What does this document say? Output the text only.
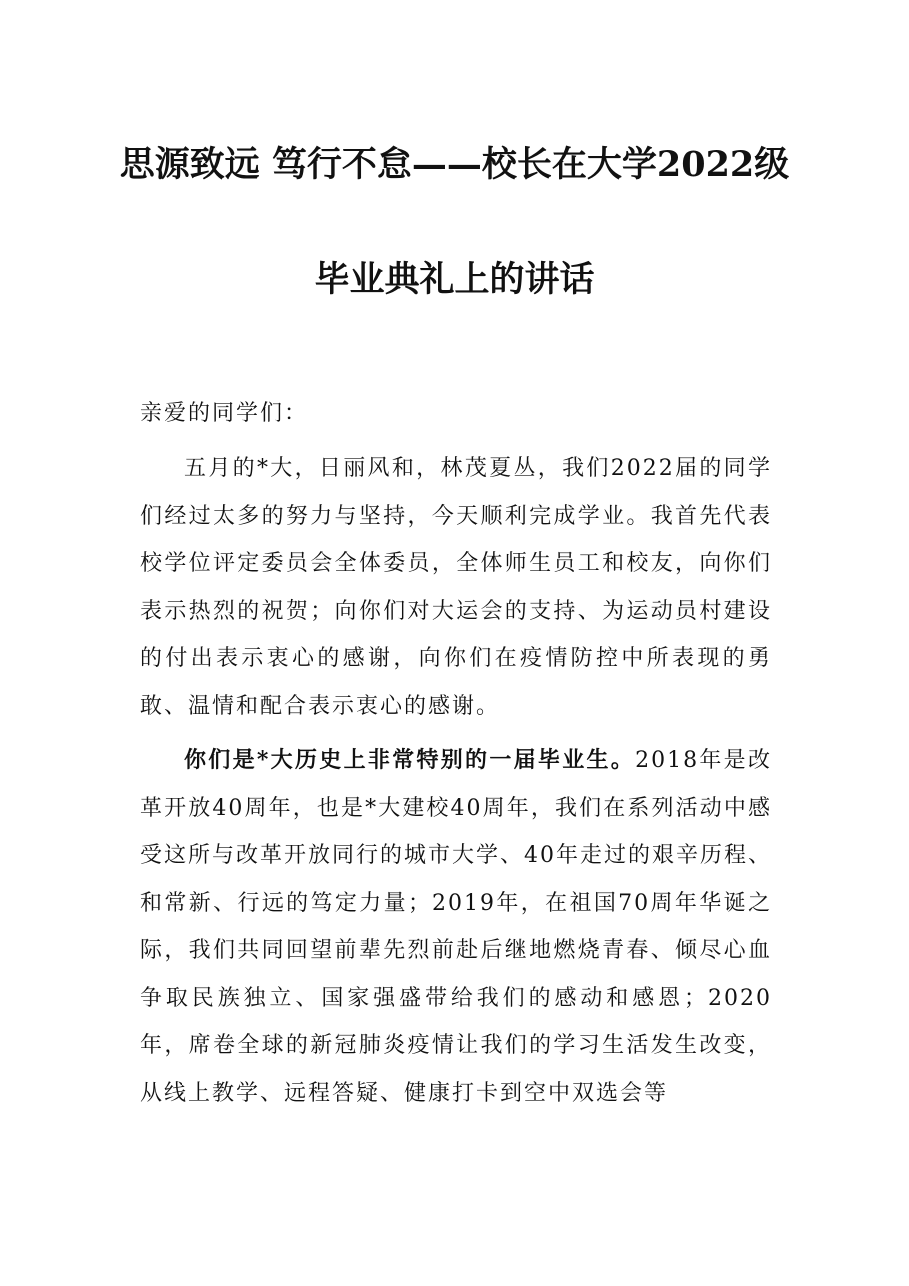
思源致远 笃行不怠——校长在大学2022级
毕业典礼上的讲话

亲爱的同学们：

五月的*大，日丽风和，林茂夏丛，我们2022届的同学们经过太多的努力与坚持，今天顺利完成学业。我首先代表校学位评定委员会全体委员，全体师生员工和校友，向你们表示热烈的祝贺；向你们对大运会的支持、为运动员村建设的付出表示衷心的感谢，向你们在疫情防控中所表现的勇敢、温情和配合表示衷心的感谢。

你们是*大历史上非常特别的一届毕业生。2018年是改革开放40周年，也是*大建校40周年，我们在系列活动中感受这所与改革开放同行的城市大学、40年走过的艰辛历程、和常新、行远的笃定力量；2019年，在祖国70周年华诞之际，我们共同回望前辈先烈前赴后继地燃烧青春、倾尽心血争取民族独立、国家强盛带给我们的感动和感恩；2020年，席卷全球的新冠肺炎疫情让我们的学习生活发生改变，从线上教学、远程答疑、健康打卡到空中双选会等
